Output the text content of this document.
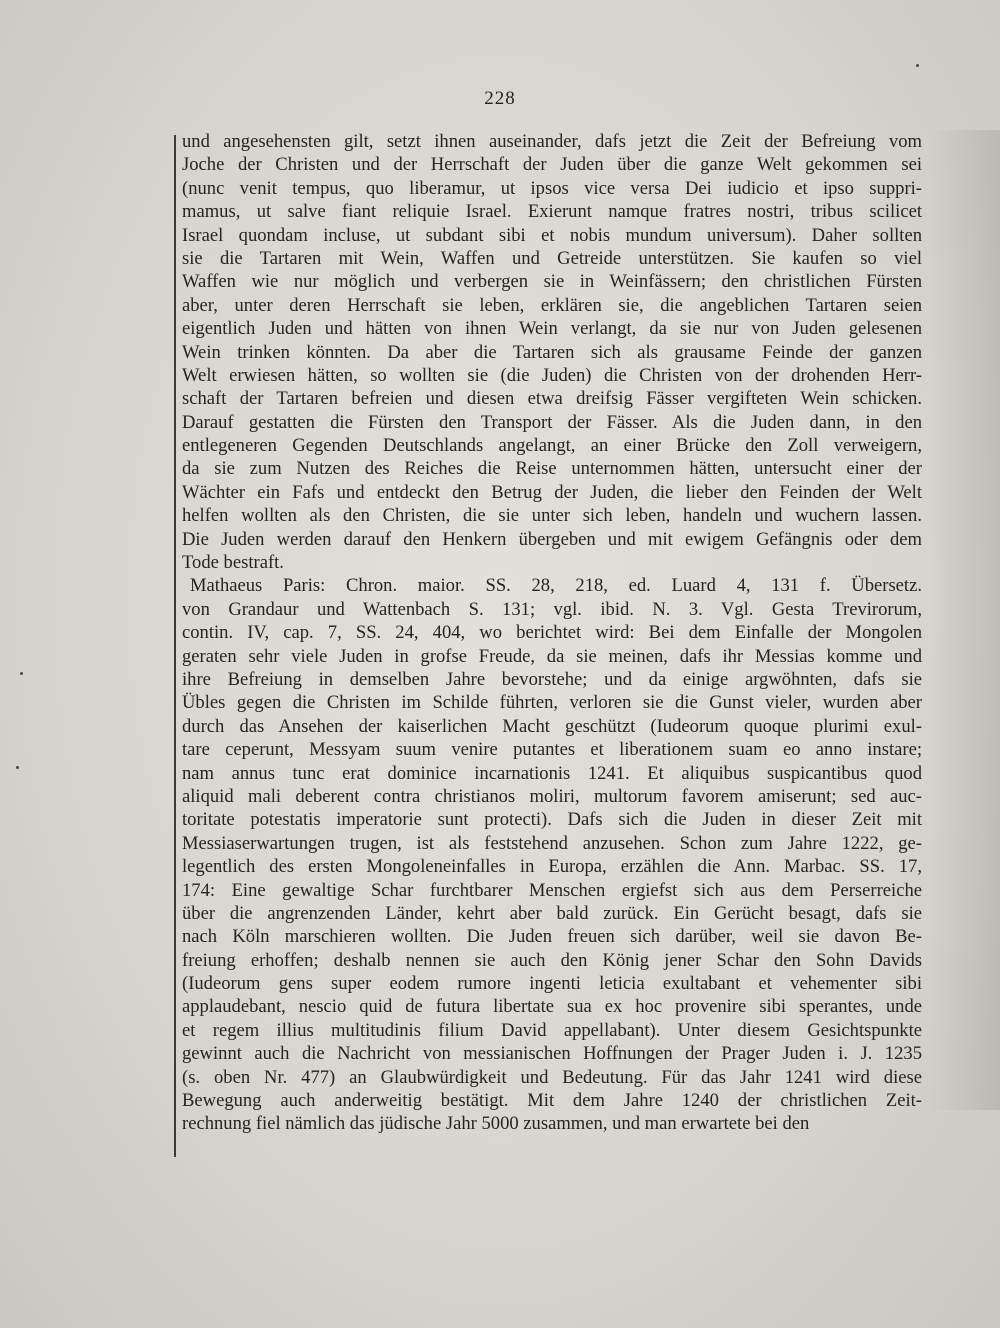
228
und angesehensten gilt, setzt ihnen auseinander, dafs jetzt die Zeit der Befreiung vom
Joche der Christen und der Herrschaft der Juden über die ganze Welt gekommen sei
(nunc venit tempus, quo liberamur, ut ipsos vice versa Dei iudicio et ipso suppri-
mamus, ut salve fiant reliquie Israel. Exierunt namque fratres nostri, tribus scilicet
Israel quondam incluse, ut subdant sibi et nobis mundum universum). Daher sollten
sie die Tartaren mit Wein, Waffen und Getreide unterstützen. Sie kaufen so viel
Waffen wie nur möglich und verbergen sie in Weinfässern; den christlichen Fürsten
aber, unter deren Herrschaft sie leben, erklären sie, die angeblichen Tartaren seien
eigentlich Juden und hätten von ihnen Wein verlangt, da sie nur von Juden gelesenen
Wein trinken könnten. Da aber die Tartaren sich als grausame Feinde der ganzen
Welt erwiesen hätten, so wollten sie (die Juden) die Christen von der drohenden Herr-
schaft der Tartaren befreien und diesen etwa dreifsig Fässer vergifteten Wein schicken.
Darauf gestatten die Fürsten den Transport der Fässer. Als die Juden dann, in den
entlegeneren Gegenden Deutschlands angelangt, an einer Brücke den Zoll verweigern,
da sie zum Nutzen des Reiches die Reise unternommen hätten, untersucht einer der
Wächter ein Fafs und entdeckt den Betrug der Juden, die lieber den Feinden der Welt
helfen wollten als den Christen, die sie unter sich leben, handeln und wuchern lassen.
Die Juden werden darauf den Henkern übergeben und mit ewigem Gefängnis oder dem
Tode bestraft.
Mathaeus Paris: Chron. maior. SS. 28, 218, ed. Luard 4, 131 f. Übersetz.
von Grandaur und Wattenbach S. 131; vgl. ibid. N. 3. Vgl. Gesta Trevirorum,
contin. IV, cap. 7, SS. 24, 404, wo berichtet wird: Bei dem Einfalle der Mongolen
geraten sehr viele Juden in grofse Freude, da sie meinen, dafs ihr Messias komme und
ihre Befreiung in demselben Jahre bevorstehe; und da einige argwöhnten, dafs sie
Übles gegen die Christen im Schilde führten, verloren sie die Gunst vieler, wurden aber
durch das Ansehen der kaiserlichen Macht geschützt (Iudeorum quoque plurimi exul-
tare ceperunt, Messyam suum venire putantes et liberationem suam eo anno instare;
nam annus tunc erat dominice incarnationis 1241. Et aliquibus suspicantibus quod
aliquid mali deberent contra christianos moliri, multorum favorem amiserunt; sed auc-
toritate potestatis imperatorie sunt protecti). Dafs sich die Juden in dieser Zeit mit
Messiaserwartungen trugen, ist als feststehend anzusehen. Schon zum Jahre 1222, ge-
legentlich des ersten Mongoleneinfalles in Europa, erzählen die Ann. Marbac. SS. 17,
174: Eine gewaltige Schar furchtbarer Menschen ergiefst sich aus dem Perserreiche
über die angrenzenden Länder, kehrt aber bald zurück. Ein Gerücht besagt, dafs sie
nach Köln marschieren wollten. Die Juden freuen sich darüber, weil sie davon Be-
freiung erhoffen; deshalb nennen sie auch den König jener Schar den Sohn Davids
(Iudeorum gens super eodem rumore ingenti leticia exultabant et vehementer sibi
applaudebant, nescio quid de futura libertate sua ex hoc provenire sibi sperantes, unde
et regem illius multitudinis filium David appellabant). Unter diesem Gesichtspunkte
gewinnt auch die Nachricht von messianischen Hoffnungen der Prager Juden i. J. 1235
(s. oben Nr. 477) an Glaubwürdigkeit und Bedeutung. Für das Jahr 1241 wird diese
Bewegung auch anderweitig bestätigt. Mit dem Jahre 1240 der christlichen Zeit-
rechnung fiel nämlich das jüdische Jahr 5000 zusammen, und man erwartete bei den
